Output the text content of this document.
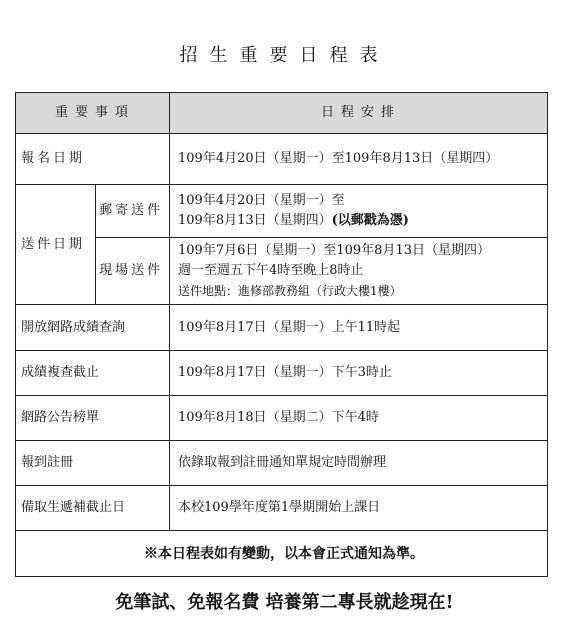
招生重要日程表
重要事項		日程安排
報名日期		109年4月20日（星期一）至109年8月13日（星期四）
送件日期	郵寄送件	109年4月20日（星期一）至
109年8月13日（星期四）(以郵戳為憑)

	現場送件	109年7月6日（星期一）至109年8月13日（星期四）
週一至週五下午4時至晚上8時止
送件地點：進修部教務組（行政大樓1樓）

開放網路成績查詢		109年8月17日（星期一）上午11時起
成績複查截止		109年8月17日（星期一）下午3時止
網路公告榜單		109年8月18日（星期二）下午4時
報到註冊		依錄取報到註冊通知單規定時間辦理
備取生遞補截止日		本校109學年度第1學期開始上課日
※本日程表如有變動，以本會正式通知為準。		
免筆試、免報名費 培養第二專長就趁現在!
